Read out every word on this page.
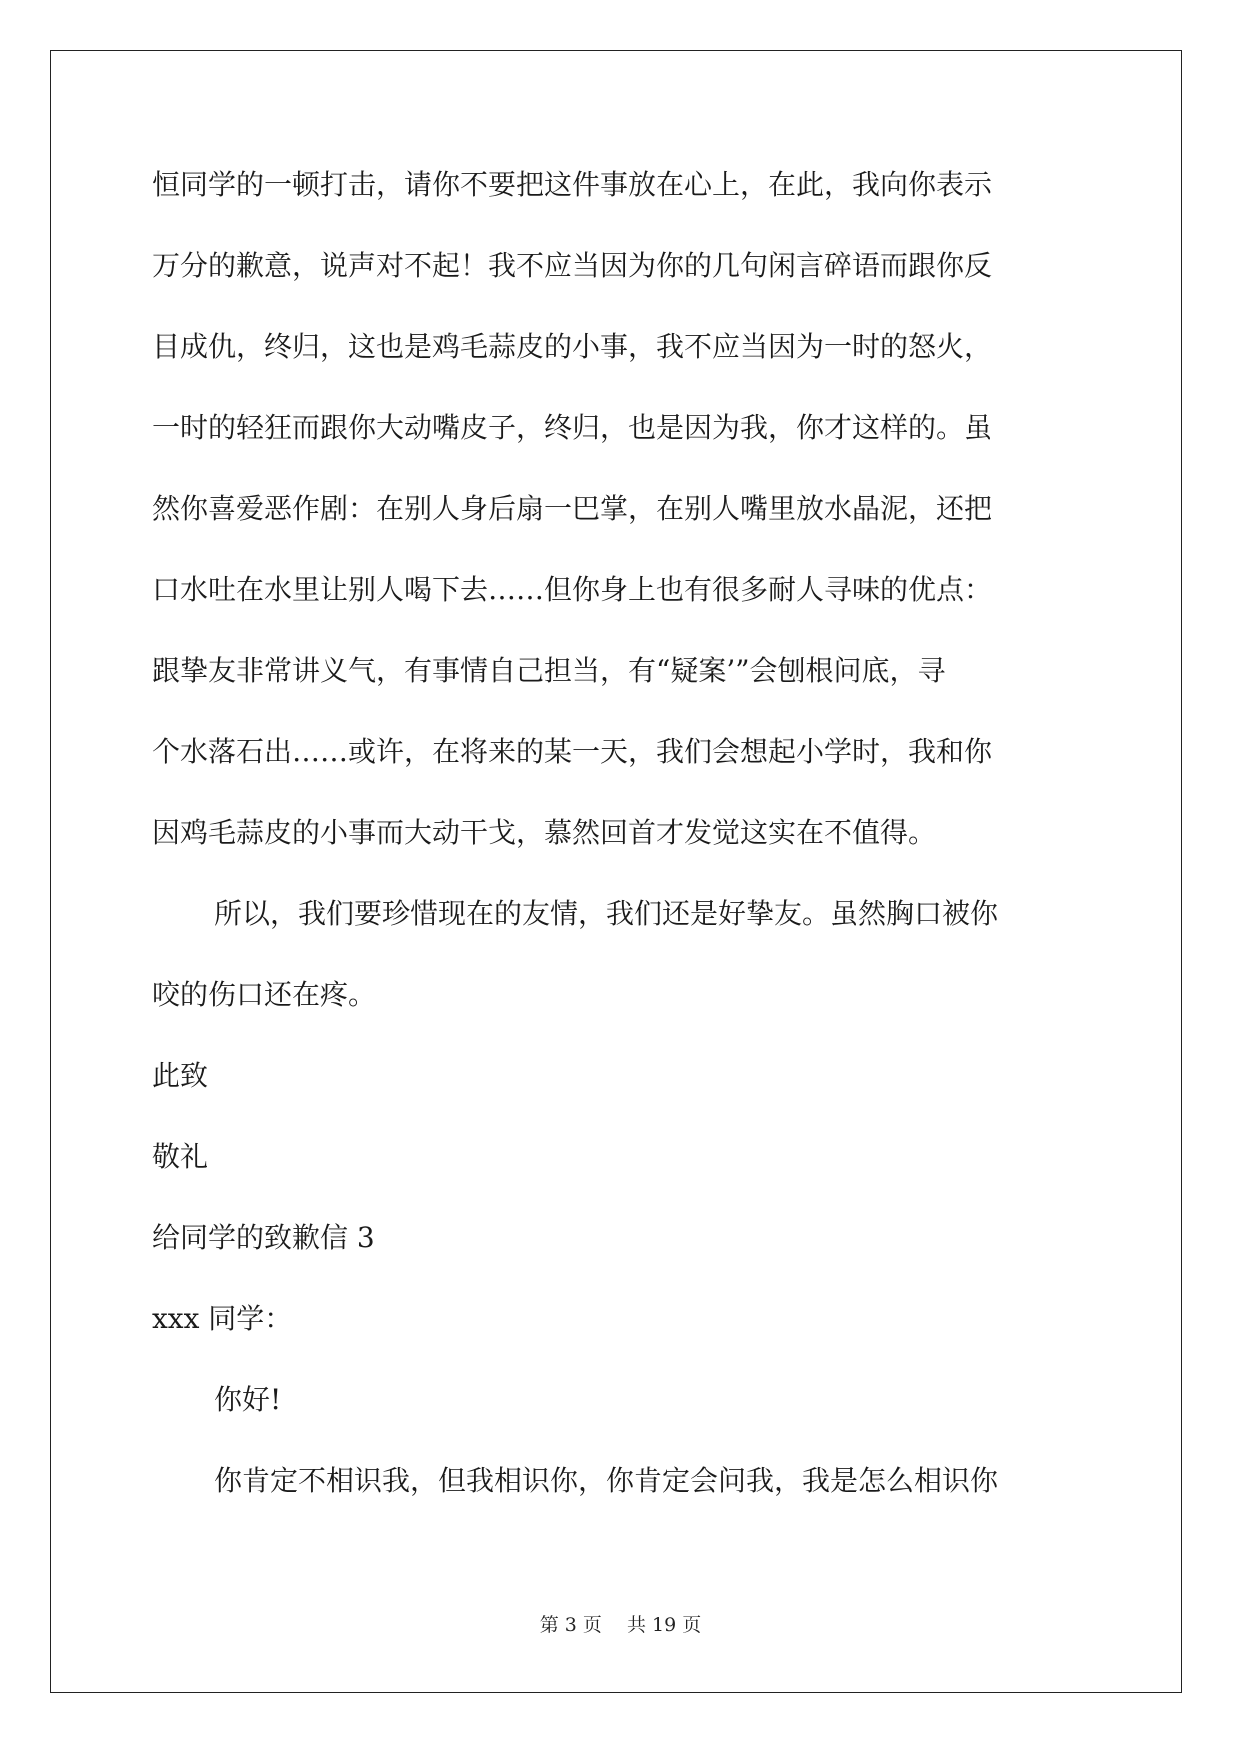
恒同学的一顿打击，请你不要把这件事放在心上，在此，我向你表示
万分的歉意，说声对不起！我不应当因为你的几句闲言碎语而跟你反
目成仇，终归，这也是鸡毛蒜皮的小事，我不应当因为一时的怒火，
一时的轻狂而跟你大动嘴皮子，终归，也是因为我，你才这样的。虽
然你喜爱恶作剧：在别人身后扇一巴掌，在别人嘴里放水晶泥，还把
口水吐在水里让别人喝下去……但你身上也有很多耐人寻味的优点：
跟挚友非常讲义气，有事情自己担当，有“疑案’”会刨根问底，寻
个水落石出……或许，在将来的某一天，我们会想起小学时，我和你
因鸡毛蒜皮的小事而大动干戈，慕然回首才发觉这实在不值得。
所以，我们要珍惜现在的友情，我们还是好挚友。虽然胸口被你
咬的伤口还在疼。
此致
敬礼
给同学的致歉信 3
xxx 同学：
你好!
你肯定不相识我，但我相识你，你肯定会问我，我是怎么相识你
第 3 页　 共 19 页
